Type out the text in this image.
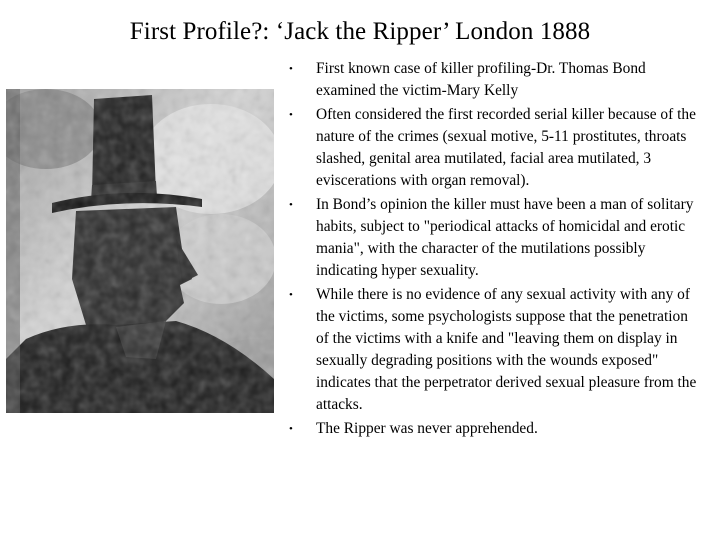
First Profile?: ‘Jack the Ripper’ London 1888
• First known case of killer profiling-Dr. Thomas Bond examined the victim-Mary Kelly
• Often considered the first recorded serial killer because of the nature of the crimes (sexual motive, 5-11 prostitutes, throats slashed, genital area mutilated, facial area mutilated, 3 eviscerations with organ removal).
• In Bond’s opinion the killer must have been a man of solitary habits, subject to "periodical attacks of homicidal and erotic mania", with the character of the mutilations possibly indicating hyper sexuality.
• While there is no evidence of any sexual activity with any of the victims, some psychologists suppose that the penetration of the victims with a knife and "leaving them on display in sexually degrading positions with the wounds exposed" indicates that the perpetrator derived sexual pleasure from the attacks.
• The Ripper was never apprehended.
